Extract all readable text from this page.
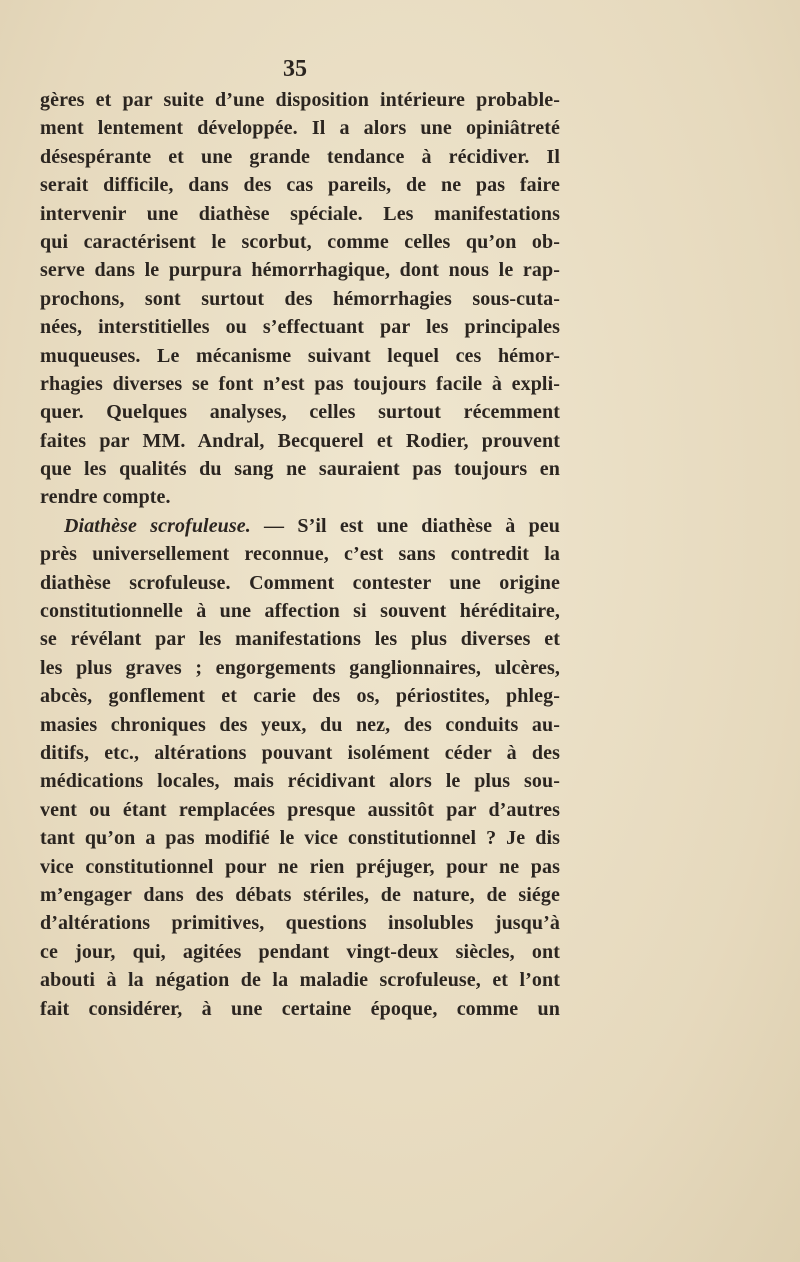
35
gères et par suite d’une disposition intérieure probable-
ment lentement développée. Il a alors une opiniâtreté
désespérante et une grande tendance à récidiver. Il
serait difficile, dans des cas pareils, de ne pas faire
intervenir une diathèse spéciale. Les manifestations
qui caractérisent le scorbut, comme celles qu’on ob-
serve dans le purpura hémorrhagique, dont nous le rap-
prochons, sont surtout des hémorrhagies sous-cuta-
nées, interstitielles ou s’effectuant par les principales
muqueuses. Le mécanisme suivant lequel ces hémor-
rhagies diverses se font n’est pas toujours facile à expli-
quer. Quelques analyses, celles surtout récemment
faites par MM. Andral, Becquerel et Rodier, prouvent
que les qualités du sang ne sauraient pas toujours en
rendre compte.
Diathèse scrofuleuse. — S’il est une diathèse à peu
près universellement reconnue, c’est sans contredit la
diathèse scrofuleuse. Comment contester une origine
constitutionnelle à une affection si souvent héréditaire,
se révélant par les manifestations les plus diverses et
les plus graves ; engorgements ganglionnaires, ulcères,
abcès, gonflement et carie des os, périostites, phleg-
masies chroniques des yeux, du nez, des conduits au-
ditifs, etc., altérations pouvant isolément céder à des
médications locales, mais récidivant alors le plus sou-
vent ou étant remplacées presque aussitôt par d’autres
tant qu’on a pas modifié le vice constitutionnel ? Je dis
vice constitutionnel pour ne rien préjuger, pour ne pas
m’engager dans des débats stériles, de nature, de siége
d’altérations primitives, questions insolubles jusqu’à
ce jour, qui, agitées pendant vingt-deux siècles, ont
abouti à la négation de la maladie scrofuleuse, et l’ont
fait considérer, à une certaine époque, comme un
